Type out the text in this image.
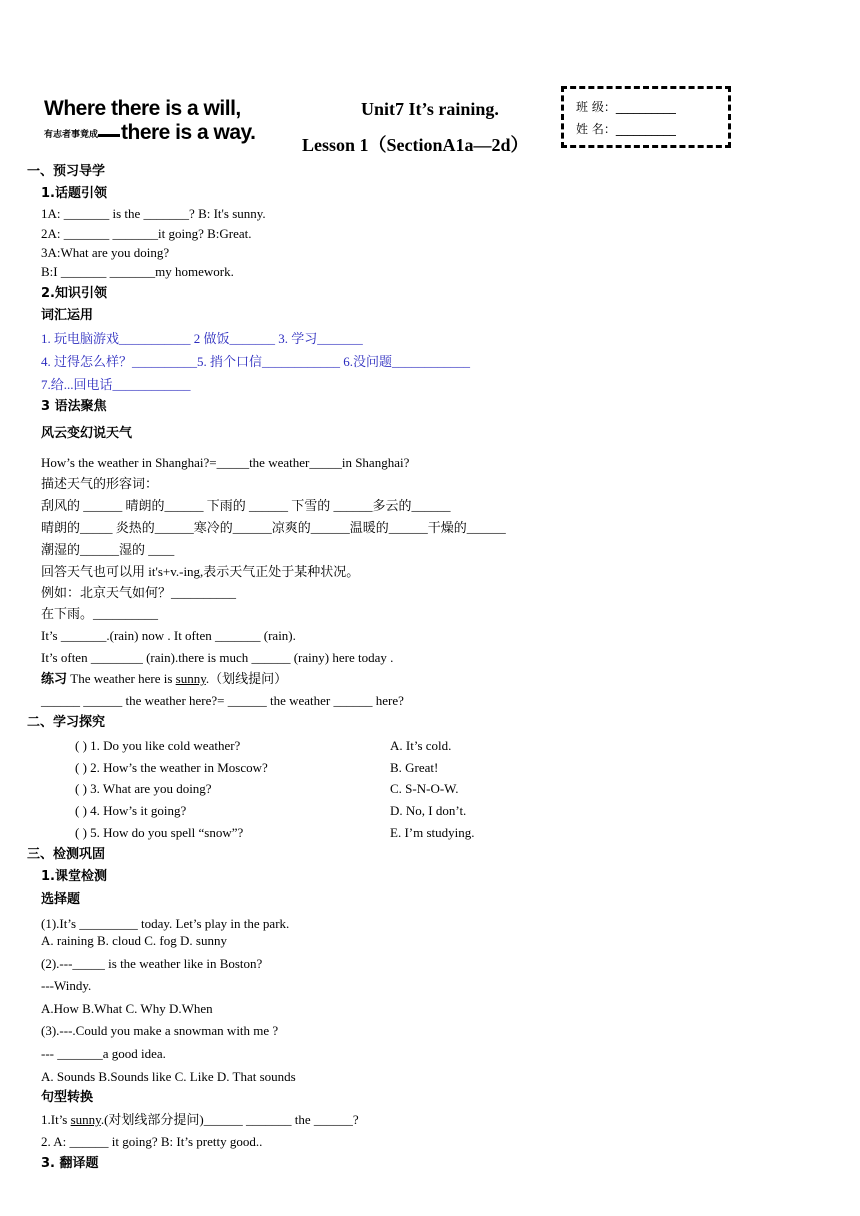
Where there is a will,
有志者事竟成 there is a way.
Unit7 It’s raining.
Lesson 1（SectionA1a—2d）
班 级：__________
姓 名：__________
一、预习导学
1.话题引领
1A: _______ is the _______? B: It's sunny.
2A: _______ _______it going? B:Great.
3A:What are you doing?
B:I _______ _______my homework.
2.知识引领
词汇运用
1. 玩电脑游戏___________ 2 做饭_______ 3. 学习_______
4. 过得怎么样？__________5. 捎个口信____________ 6.没问题____________
7.给...回电话____________
3 语法聚焦
风云变幻说天气
How’s the weather in Shanghai?=_____the weather_____in Shanghai?
描述天气的形容词：
刮风的 ______ 晴朗的______ 下雨的 ______ 下雪的 ______多云的______
晴朗的_____ 炎热的______寒冷的______凉爽的______温暖的______干燥的______
潮湿的______湿的 ____
回答天气也可以用 it's+v.-ing,表示天气正处于某种状况。
例如：北京天气如何？__________
在下雨。__________
It’s _______.(rain) now . It often _______ (rain).
It’s often ________ (rain).there is much ______ (rainy) here today .
______ ______ the weather here?= ______ the weather ______ here?
二、学习探究
( ) 1. Do you like cold weather?	A. It’s cold.
( ) 2. How’s the weather in Moscow?	B. Great!
( ) 3. What are you doing?	C. S-N-O-W.
( ) 4. How’s it going?	D. No, I don’t.
( ) 5. How do you spell “snow”?	E. I’m studying.
三、检测巩固
1.课堂检测
选择题
(1).It’s _________ today. Let’s play in the park.
A. raining B. cloud C. fog D. sunny
(2).---_____ is the weather like in Boston?
---Windy.
A.How B.What C. Why D.When
(3).---.Could you make a snowman with me ?
--- _______a good idea.
A. Sounds B.Sounds like C. Like D. That sounds
句型转换
2. A: ______ it going? B: It’s pretty good..
3. 翻译题
练习 The weather here is sunny.（划线提问）
1.It’s sunny.(对划线部分提问)______ _______ the ______?
